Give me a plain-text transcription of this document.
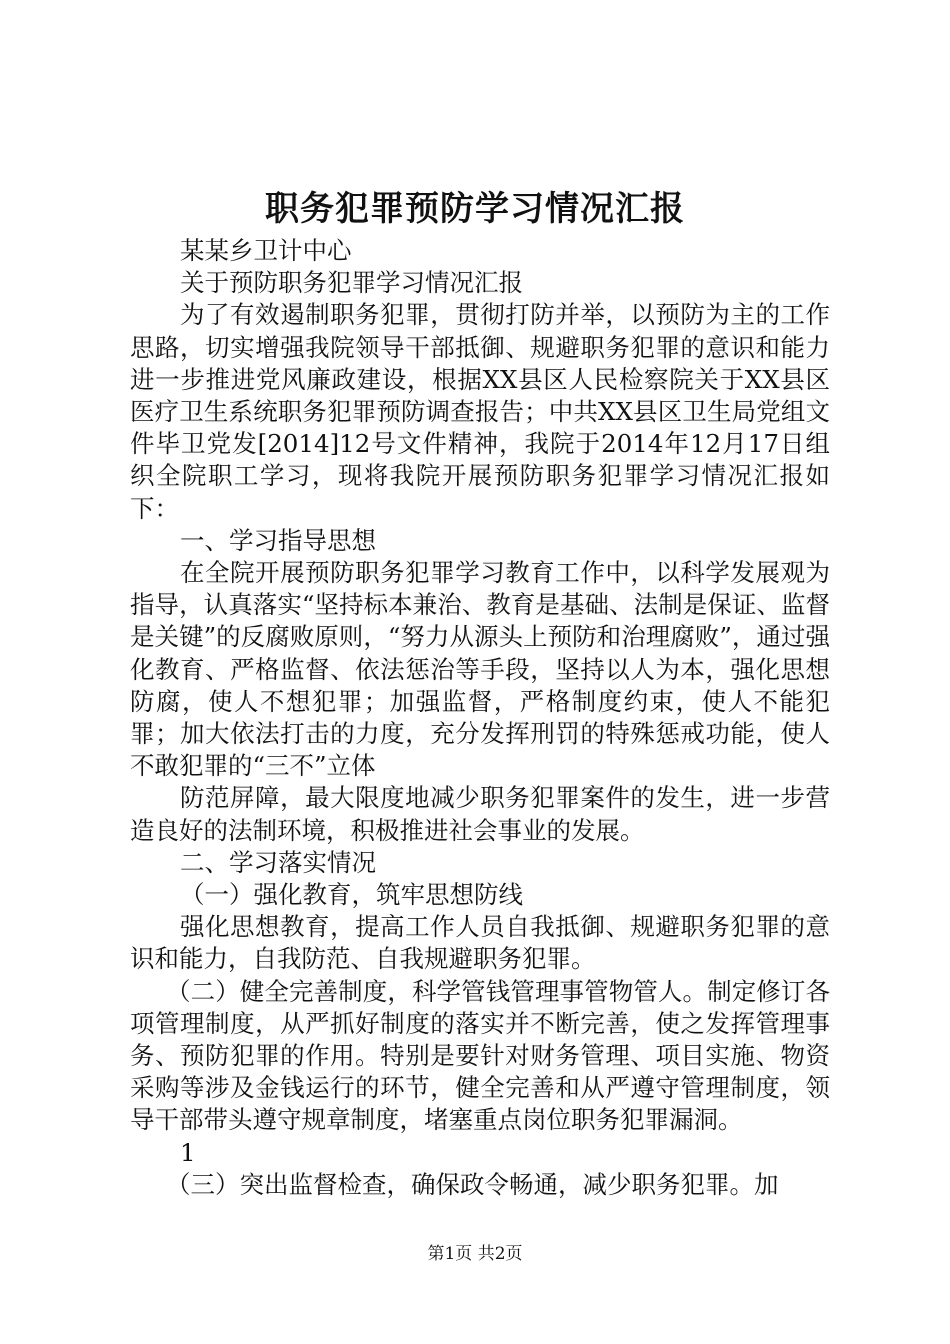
职务犯罪预防学习情况汇报

某某乡卫计中心

关于预防职务犯罪学习情况汇报

为了有效遏制职务犯罪，贯彻打防并举，以预防为主的工作思路，切实增强我院领导干部抵御、规避职务犯罪的意识和能力进一步推进党风廉政建设，根据XX县区人民检察院关于XX县区医疗卫生系统职务犯罪预防调查报告；中共XX县区卫生局党组文件毕卫党发[2014]12号文件精神，我院于2014年12月17日组织全院职工学习，现将我院开展预防职务犯罪学习情况汇报如下：

一、学习指导思想

在全院开展预防职务犯罪学习教育工作中，以科学发展观为指导，认真落实“坚持标本兼治、教育是基础、法制是保证、监督是关键”的反腐败原则，“努力从源头上预防和治理腐败”，通过强化教育、严格监督、依法惩治等手段，坚持以人为本，强化思想防腐，使人不想犯罪；加强监督，严格制度约束，使人不能犯罪；加大依法打击的力度，充分发挥刑罚的特殊惩戒功能，使人不敢犯罪的“三不”立体

防范屏障，最大限度地减少职务犯罪案件的发生，进一步营造良好的法制环境，积极推进社会事业的发展。

二、学习落实情况

（一）强化教育，筑牢思想防线

强化思想教育，提高工作人员自我抵御、规避职务犯罪的意识和能力，自我防范、自我规避职务犯罪。

（二）健全完善制度，科学管钱管理事管物管人。制定修订各项管理制度，从严抓好制度的落实并不断完善，使之发挥管理事务、预防犯罪的作用。特别是要针对财务管理、项目实施、物资采购等涉及金钱运行的环节，健全完善和从严遵守管理制度，领导干部带头遵守规章制度，堵塞重点岗位职务犯罪漏洞。

1

（三）突出监督检查，确保政令畅通，减少职务犯罪。加

第1页 共2页
